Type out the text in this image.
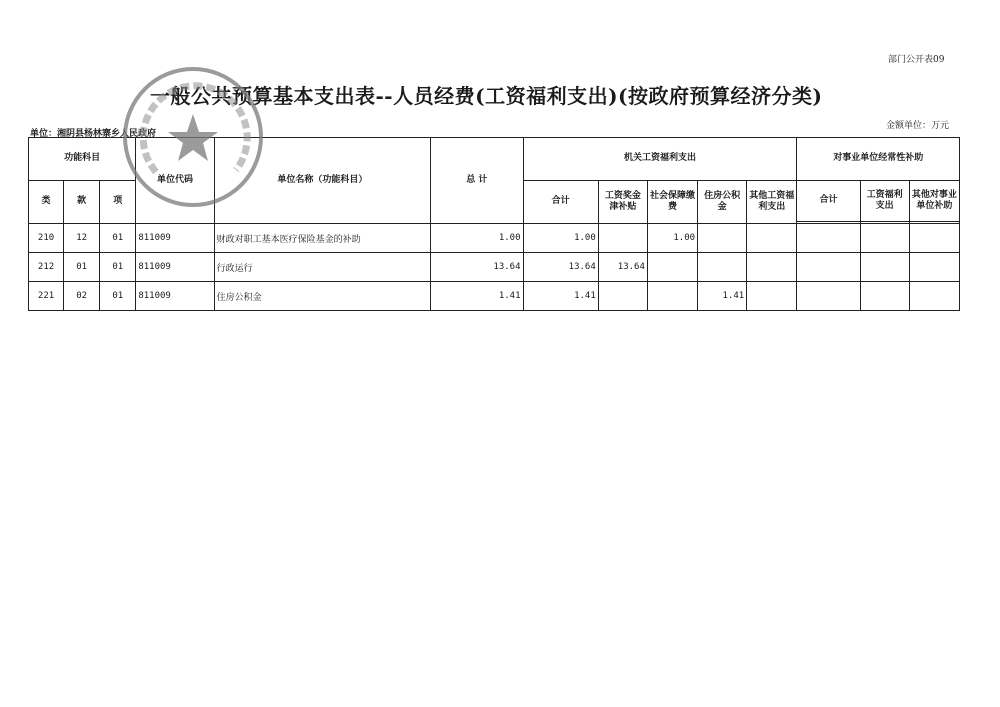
部门公开表09
一般公共预算基本支出表--人员经费(工资福利支出)(按政府预算经济分类)
单位：湘阴县杨林寨乡人民政府
金额单位：万元
功能科目			单位代码	单位名称（功能科目）	总 计	机关工资福利支出					对事业单位经常性补助		
类	款	项				合计	工资奖金津补贴	社会保障缴费	住房公积金	其他工资福利支出	合计	工资福利支出	其他对事业单位补助

210	12	01	811009	财政对职工基本医疗保险基金的补助	1.00	1.00		1.00					
212	01	01	811009	行政运行	13.64	13.64	13.64						
221	02	01	811009	住房公积金	1.41	1.41			1.41				
